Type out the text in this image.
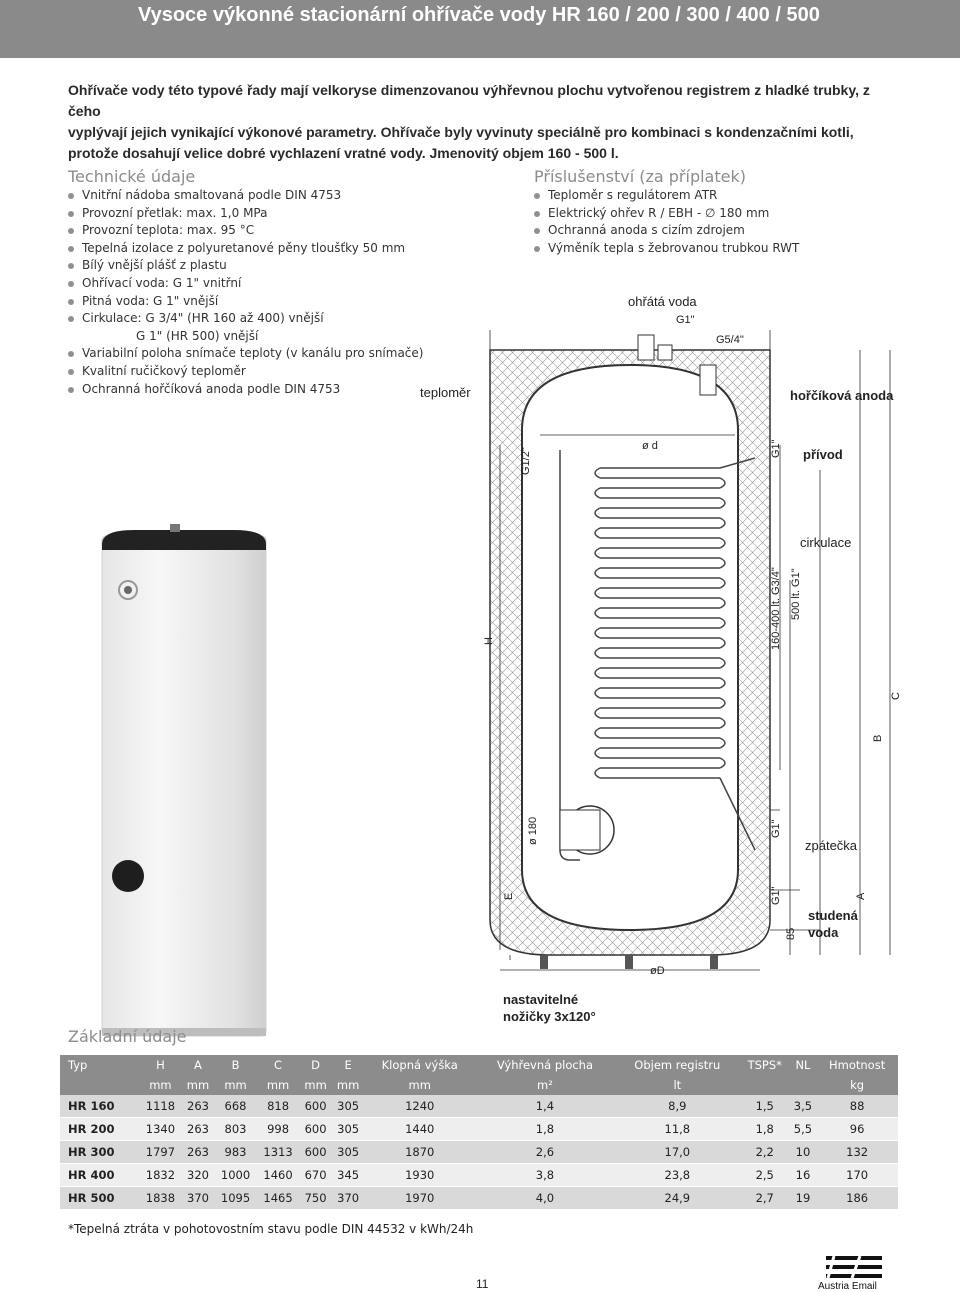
Vysoce výkonné stacionární ohřívače vody HR 160 / 200 / 300 / 400 / 500
Ohřívače vody této typové řady mají velkoryse dimenzovanou výhřevnou plochu vytvořenou registrem z hladké trubky, z čeho
vyplývají jejich vynikající výkonové parametry. Ohřívače byly vyvinuty speciálně pro kombinaci s kondenzačními kotli,
protože dosahují velice dobré vychlazení vratné vody. Jmenovitý objem 160 - 500 l.
Technické údaje
Vnitřní nádoba smaltovaná podle DIN 4753
Provozní přetlak: max. 1,0 MPa
Provozní teplota: max. 95 °C
Tepelná izolace z polyuretanové pěny tloušťky 50 mm
Bílý vnější plášť z plastu
Ohřívací voda: G 1" vnitřní
Pitná voda: G 1" vnější
Cirkulace: G 3/4" (HR 160 až 400) vnější
G 1" (HR 500) vnější
Variabilní poloha snímače teploty (v kanálu pro snímače)
Kvalitní ručičkový teploměr
Ochranná hořčíková anoda podle DIN 4753
Příslušenství (za příplatek)
Teploměr s regulátorem ATR
Elektrický ohřev R / EBH - ∅ 180 mm
Ochranná anoda s cizím zdrojem
Výměník tepla s žebrovanou trubkou RWT
ohřátá voda
G1"
G5/4"
teploměr	hořčíková anoda
ø d
G1/2"	G1" přívod
cirkulace
160-400 lt. G3/4" 500 lt. G1"
H
C
B
ø 180	G1"
zpátečka
E	G1"	A
85
studená
voda
øD
nastavitelné
nožičky 3x120°
Základní údaje
Typ	H	A	B	C	D	E	Klopná výška	Výhřevná plocha	Objem registru	TSPS*	NL	Hmotnost
	mm	mm	mm	mm	mm	mm	mm	m²	lt			kg
HR 160	1118	263	668	818	600	305	1240	1,4	8,9	1,5	3,5	88
HR 200	1340	263	803	998	600	305	1440	1,8	11,8	1,8	5,5	96
HR 300	1797	263	983	1313	600	305	1870	2,6	17,0	2,2	10	132
HR 400	1832	320	1000	1460	670	345	1930	3,8	23,8	2,5	16	170
HR 500	1838	370	1095	1465	750	370	1970	4,0	24,9	2,7	19	186
*Tepelná ztráta v pohotovostním stavu podle DIN 44532 v kWh/24h
11	Austria Email
